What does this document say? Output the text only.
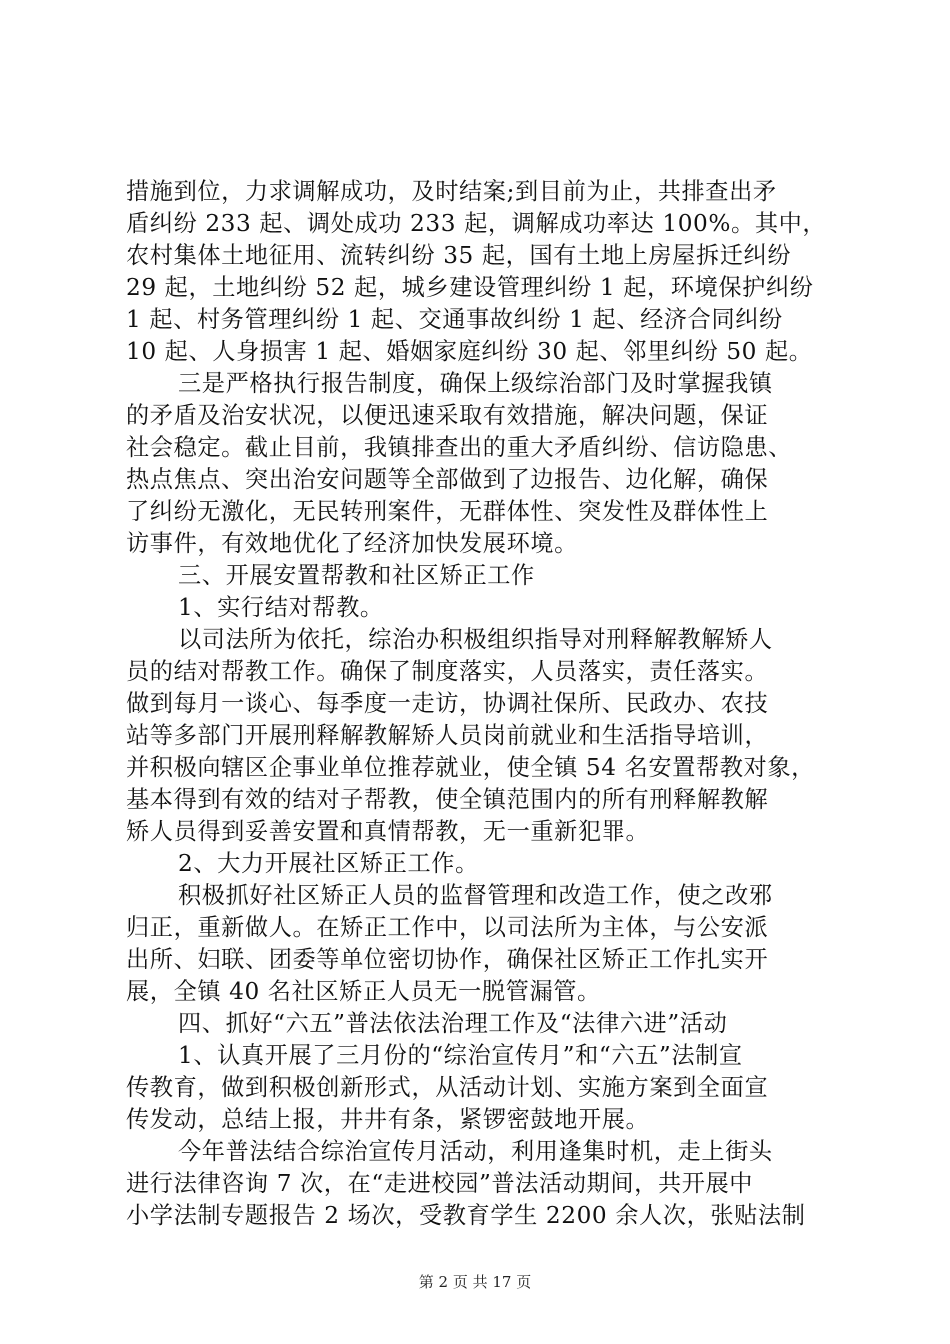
措施到位，力求调解成功，及时结案;到目前为止，共排查出矛
盾纠纷 233 起、调处成功 233 起，调解成功率达 100%。其中，
农村集体土地征用、流转纠纷 35 起，国有土地上房屋拆迁纠纷
29 起，土地纠纷 52 起，城乡建设管理纠纷 1 起，环境保护纠纷
1 起、村务管理纠纷 1 起、交通事故纠纷 1 起、经济合同纠纷
10 起、人身损害 1 起、婚姻家庭纠纷 30 起、邻里纠纷 50 起。
三是严格执行报告制度，确保上级综治部门及时掌握我镇
的矛盾及治安状况，以便迅速采取有效措施，解决问题，保证
社会稳定。截止目前，我镇排查出的重大矛盾纠纷、信访隐患、
热点焦点、突出治安问题等全部做到了边报告、边化解，确保
了纠纷无激化，无民转刑案件，无群体性、突发性及群体性上
访事件，有效地优化了经济加快发展环境。
三、开展安置帮教和社区矫正工作
1、实行结对帮教。
以司法所为依托，综治办积极组织指导对刑释解教解矫人
员的结对帮教工作。确保了制度落实，人员落实，责任落实。
做到每月一谈心、每季度一走访，协调社保所、民政办、农技
站等多部门开展刑释解教解矫人员岗前就业和生活指导培训，
并积极向辖区企事业单位推荐就业，使全镇 54 名安置帮教对象，
基本得到有效的结对子帮教，使全镇范围内的所有刑释解教解
矫人员得到妥善安置和真情帮教，无一重新犯罪。
2、大力开展社区矫正工作。
积极抓好社区矫正人员的监督管理和改造工作，使之改邪
归正，重新做人。在矫正工作中，以司法所为主体，与公安派
出所、妇联、团委等单位密切协作，确保社区矫正工作扎实开
展，全镇 40 名社区矫正人员无一脱管漏管。
四、抓好“六五”普法依法治理工作及“法律六进”活动
1、认真开展了三月份的“综治宣传月”和“六五”法制宣
传教育，做到积极创新形式，从活动计划、实施方案到全面宣
传发动，总结上报，井井有条，紧锣密鼓地开展。
今年普法结合综治宣传月活动，利用逢集时机，走上街头
进行法律咨询 7 次，在“走进校园”普法活动期间，共开展中
小学法制专题报告 2 场次，受教育学生 2200 余人次，张贴法制
第 2 页 共 17 页
